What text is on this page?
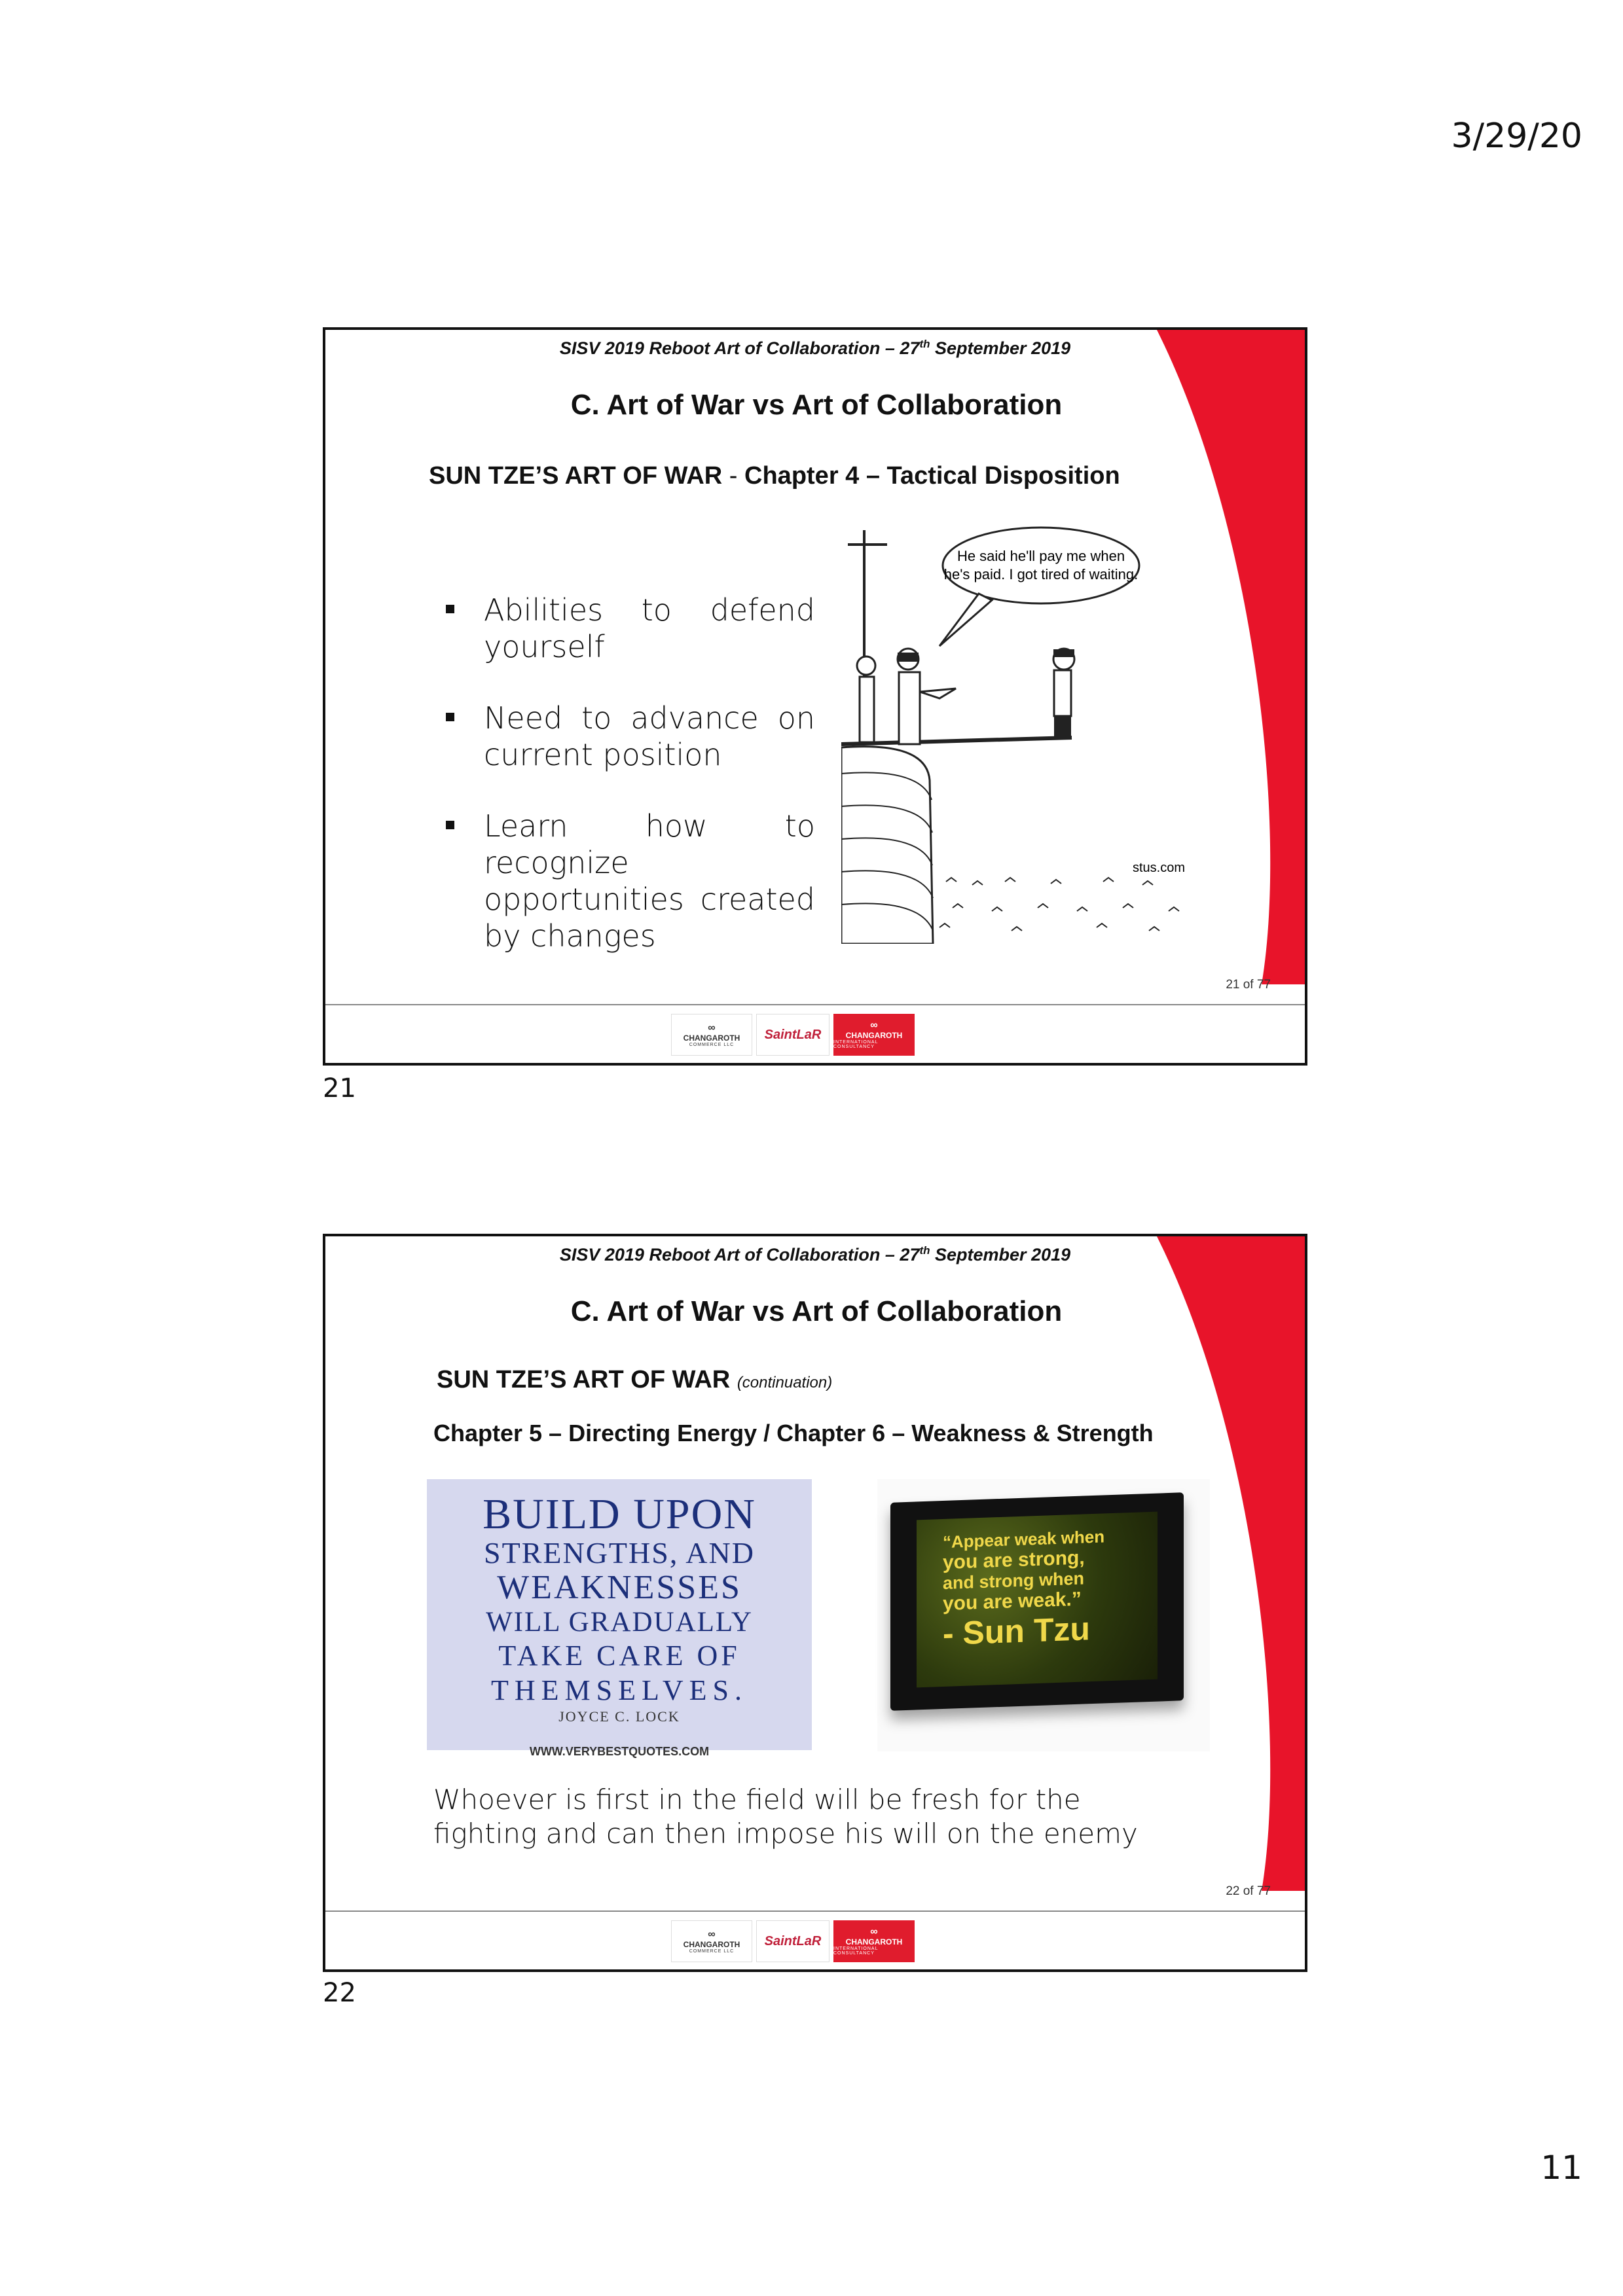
3/29/20
SISV 2019 Reboot Art of Collaboration – 27th September 2019
C. Art of War vs Art of Collaboration
SUN TZE’S ART OF WAR - Chapter 4 – Tactical Disposition
Abilities to defend yourself
Need to advance on current position
Learn how to recognize opportunities created by changes
He said he'll pay me when
he's paid. I got tired of waiting.
stus.com
21 of 77
∞
CHANGAROTH
COMMERCE LLC
SaintLaR
∞
CHANGAROTH
INTERNATIONAL CONSULTANCY
21
SISV 2019 Reboot Art of Collaboration – 27th September 2019
C. Art of War vs Art of Collaboration
SUN TZE’S ART OF WAR (continuation)
Chapter 5 – Directing Energy / Chapter 6 – Weakness & Strength
BUILD UPON
STRENGTHS, AND
WEAKNESSES
WILL GRADUALLY
TAKE CARE OF
THEMSELVES.
JOYCE C. LOCK
WWW.VERYBESTQUOTES.COM
“Appear weak when
you are strong,
and strong when
you are weak.”
- Sun Tzu
Whoever is first in the field will be fresh for the fighting and can then impose his will on the enemy
22 of 77
∞
CHANGAROTH
COMMERCE LLC
SaintLaR
∞
CHANGAROTH
INTERNATIONAL CONSULTANCY
22
11
